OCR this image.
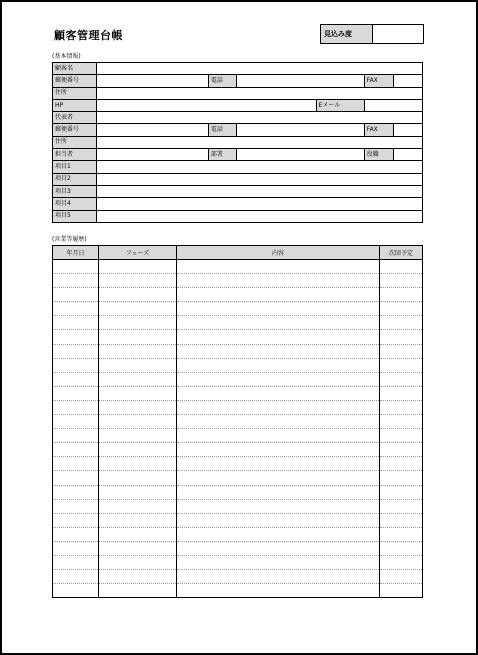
顧客管理台帳	見込み度
(基本情報)
顧客名						
郵便番号		電話			FAX	
住所						
HP				Eメール		
代表者						
郵便番号		電話			FAX	
住所						
担当者		部署			役職	
項目1						
項目2						
項目3						
項目4						
項目5						
(営業等履歴)
年月日	フェーズ	内容	次回予定
